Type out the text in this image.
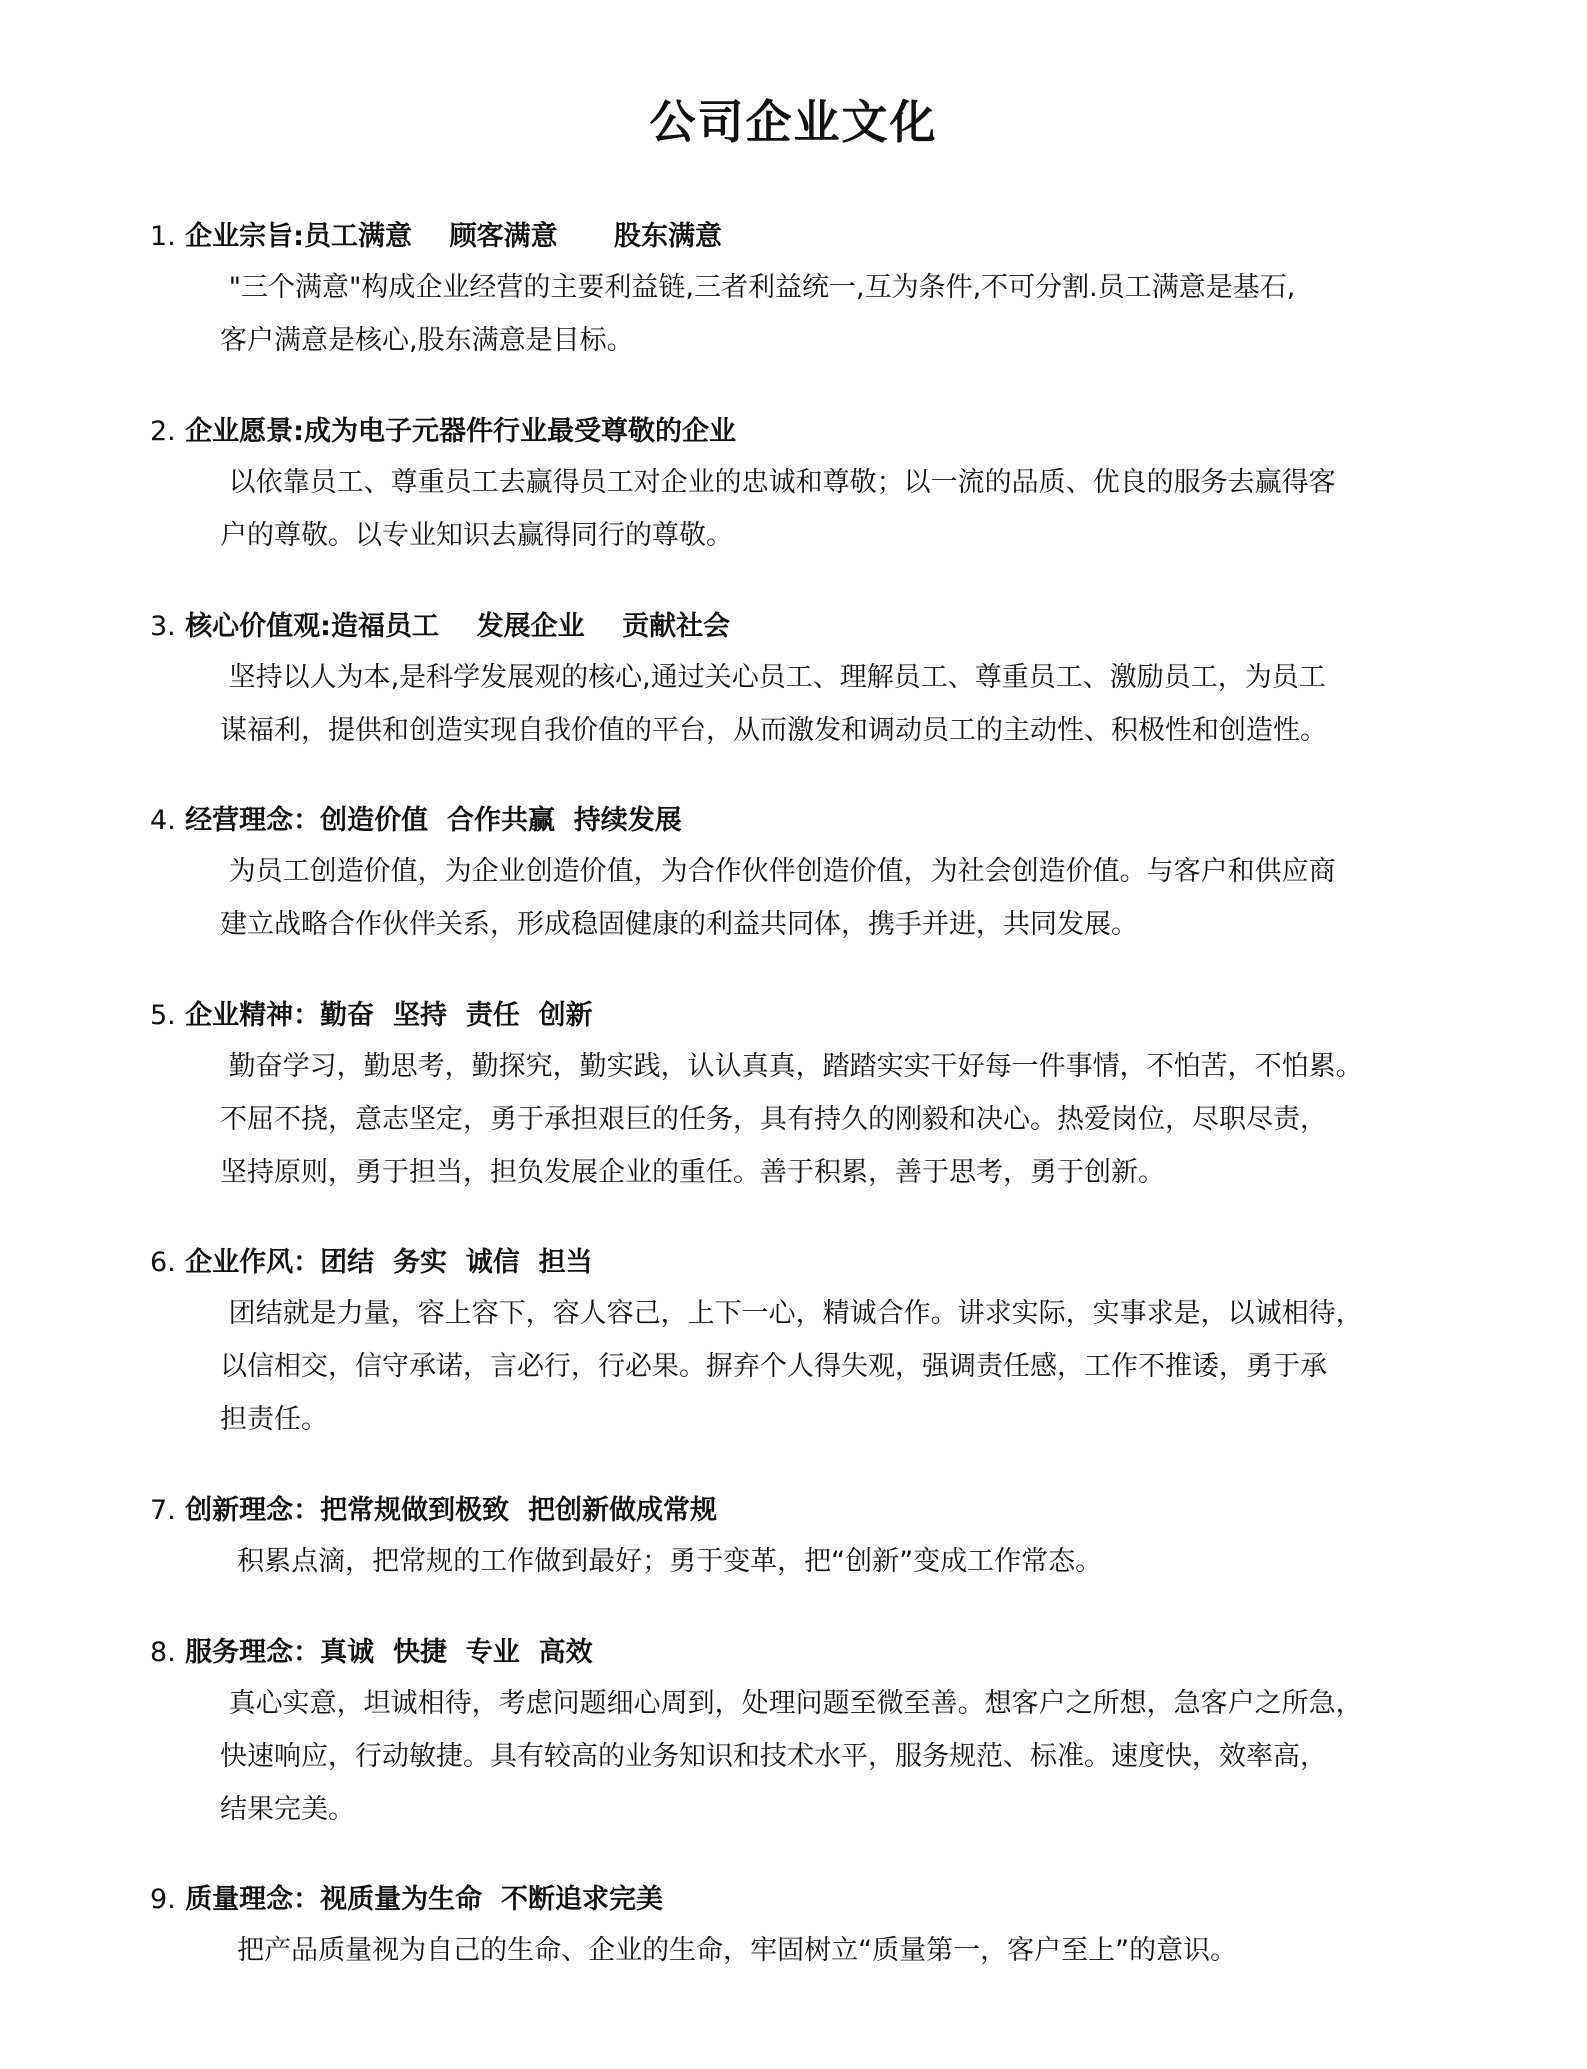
公司企业文化
1. 企业宗旨:员工满意    顾客满意      股东满意
"三个满意"构成企业经营的主要利益链,三者利益统一,互为条件,不可分割.员工满意是基石,
客户满意是核心,股东满意是目标。
2. 企业愿景:成为电子元器件行业最受尊敬的企业
以依靠员工、尊重员工去赢得员工对企业的忠诚和尊敬；以一流的品质、优良的服务去赢得客
户的尊敬。以专业知识去赢得同行的尊敬。
3. 核心价值观:造福员工    发展企业    贡献社会
坚持以人为本,是科学发展观的核心,通过关心员工、理解员工、尊重员工、激励员工，为员工
谋福利，提供和创造实现自我价值的平台，从而激发和调动员工的主动性、积极性和创造性。
4. 经营理念：创造价值  合作共赢  持续发展
为员工创造价值，为企业创造价值，为合作伙伴创造价值，为社会创造价值。与客户和供应商
建立战略合作伙伴关系，形成稳固健康的利益共同体，携手并进，共同发展。
5. 企业精神：勤奋  坚持  责任  创新
勤奋学习，勤思考，勤探究，勤实践，认认真真，踏踏实实干好每一件事情，不怕苦，不怕累。
不屈不挠，意志坚定，勇于承担艰巨的任务，具有持久的刚毅和决心。热爱岗位，尽职尽责，
坚持原则，勇于担当，担负发展企业的重任。善于积累，善于思考，勇于创新。
6. 企业作风：团结  务实  诚信  担当
团结就是力量，容上容下，容人容己，上下一心，精诚合作。讲求实际，实事求是，以诚相待，
以信相交，信守承诺，言必行，行必果。摒弃个人得失观，强调责任感，工作不推诿，勇于承
担责任。
7. 创新理念：把常规做到极致  把创新做成常规
积累点滴，把常规的工作做到最好；勇于变革，把“创新”变成工作常态。
8. 服务理念：真诚  快捷  专业  高效
真心实意，坦诚相待，考虑问题细心周到，处理问题至微至善。想客户之所想，急客户之所急，
快速响应，行动敏捷。具有较高的业务知识和技术水平，服务规范、标准。速度快，效率高，
结果完美。
9. 质量理念：视质量为生命  不断追求完美
把产品质量视为自己的生命、企业的生命，牢固树立“质量第一，客户至上”的意识。
